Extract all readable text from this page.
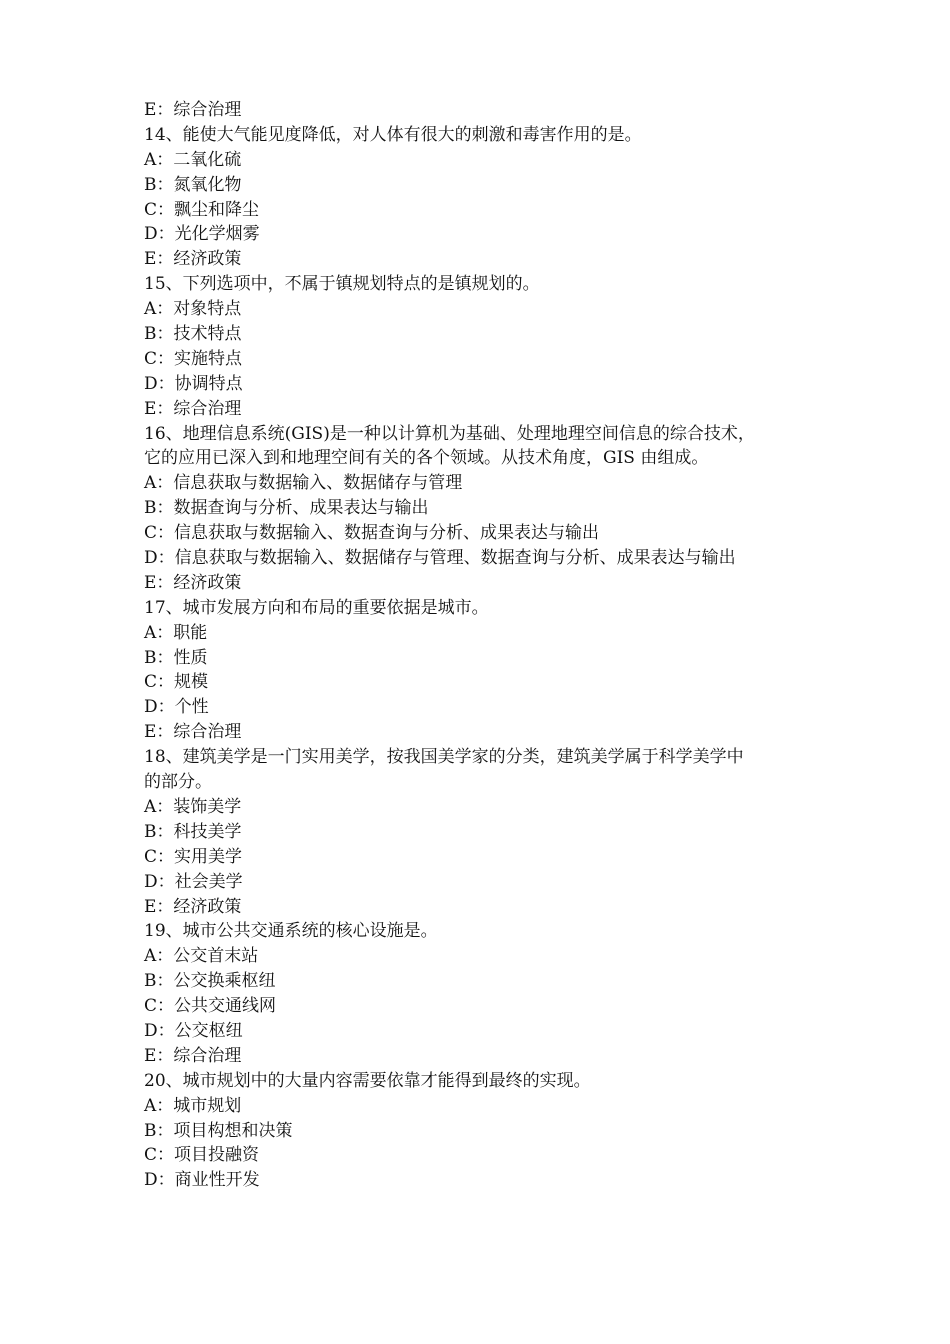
E：综合治理
14、能使大气能见度降低，对人体有很大的刺激和毒害作用的是。
A：二氧化硫
B：氮氧化物
C：飘尘和降尘
D：光化学烟雾
E：经济政策
15、下列选项中，不属于镇规划特点的是镇规划的。
A：对象特点
B：技术特点
C：实施特点
D：协调特点
E：综合治理
16、地理信息系统(GIS)是一种以计算机为基础、处理地理空间信息的综合技术，
它的应用已深入到和地理空间有关的各个领域。从技术角度，GIS 由组成。
A：信息获取与数据输入、数据储存与管理
B：数据查询与分析、成果表达与输出
C：信息获取与数据输入、数据查询与分析、成果表达与输出
D：信息获取与数据输入、数据储存与管理、数据查询与分析、成果表达与输出
E：经济政策
17、城市发展方向和布局的重要依据是城市。
A：职能
B：性质
C：规模
D：个性
E：综合治理
18、建筑美学是一门实用美学，按我国美学家的分类，建筑美学属于科学美学中
的部分。
A：装饰美学
B：科技美学
C：实用美学
D：社会美学
E：经济政策
19、城市公共交通系统的核心设施是。
A：公交首末站
B：公交换乘枢纽
C：公共交通线网
D：公交枢纽
E：综合治理
20、城市规划中的大量内容需要依靠才能得到最终的实现。
A：城市规划
B：项目构想和决策
C：项目投融资
D：商业性开发
